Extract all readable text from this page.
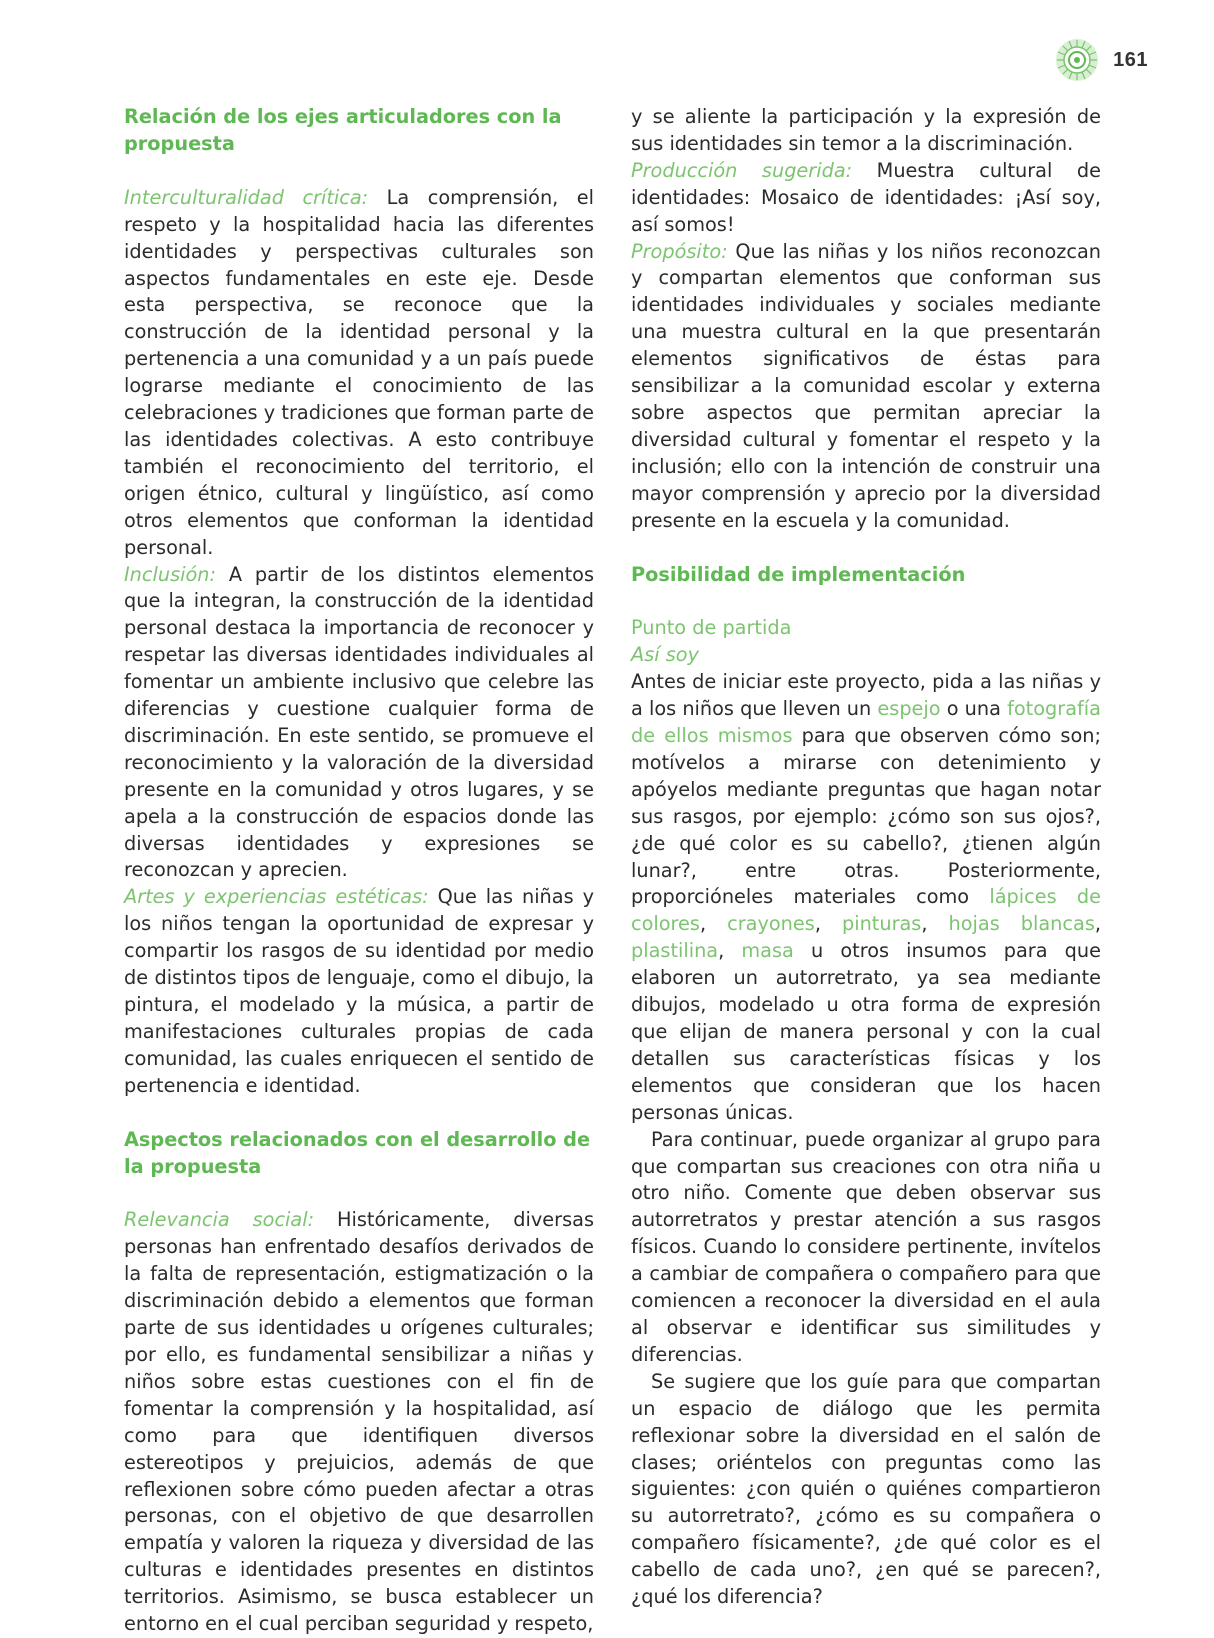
161

Relación de los ejes articuladores con la propuesta

Interculturalidad crítica: La comprensión, el respeto y la hospitalidad hacia las diferentes identidades y perspectivas culturales son aspectos fundamentales en este eje. Desde esta perspectiva, se reconoce que la construcción de la identidad personal y la pertenencia a una comunidad y a un país puede lograrse mediante el conocimiento de las celebraciones y tradiciones que forman parte de las identidades colectivas. A esto contribuye también el reconocimiento del territorio, el origen étnico, cultural y lingüístico, así como otros elementos que conforman la identidad personal.

Inclusión: A partir de los distintos elementos que la integran, la construcción de la identidad personal destaca la importancia de reconocer y respetar las diversas identidades individuales al fomentar un ambiente inclusivo que celebre las diferencias y cuestione cualquier forma de discriminación. En este sentido, se promueve el reconocimiento y la valoración de la diversidad presente en la comunidad y otros lugares, y se apela a la construcción de espacios donde las diversas identidades y expresiones se reconozcan y aprecien.

Artes y experiencias estéticas: Que las niñas y los niños tengan la oportunidad de expresar y compartir los rasgos de su identidad por medio de distintos tipos de lenguaje, como el dibujo, la pintura, el modelado y la música, a partir de manifestaciones culturales propias de cada comunidad, las cuales enriquecen el sentido de pertenencia e identidad.

Aspectos relacionados con el desarrollo de la propuesta

Relevancia social: Históricamente, diversas personas han enfrentado desafíos derivados de la falta de representación, estigmatización o la discriminación debido a elementos que forman parte de sus identidades u orígenes culturales; por ello, es fundamental sensibilizar a niñas y niños sobre estas cuestiones con el fin de fomentar la comprensión y la hospitalidad, así como para que identifiquen diversos estereotipos y prejuicios, además de que reflexionen sobre cómo pueden afectar a otras personas, con el objetivo de que desarrollen empatía y valoren la riqueza y diversidad de las culturas e identidades presentes en distintos territorios. Asimismo, se busca establecer un entorno en el cual perciban seguridad y respeto,

y se aliente la participación y la expresión de sus identidades sin temor a la discriminación.

Producción sugerida: Muestra cultural de identidades: Mosaico de identidades: ¡Así soy, así somos!

Propósito: Que las niñas y los niños reconozcan y compartan elementos que conforman sus identidades individuales y sociales mediante una muestra cultural en la que presentarán elementos significativos de éstas para sensibilizar a la comunidad escolar y externa sobre aspectos que permitan apreciar la diversidad cultural y fomentar el respeto y la inclusión; ello con la intención de construir una mayor comprensión y aprecio por la diversidad presente en la escuela y la comunidad.

Posibilidad de implementación

Punto de partida

Así soy

Antes de iniciar este proyecto, pida a las niñas y a los niños que lleven un espejo o una fotografía de ellos mismos para que observen cómo son; motívelos a mirarse con detenimiento y apóyelos mediante preguntas que hagan notar sus rasgos, por ejemplo: ¿cómo son sus ojos?, ¿de qué color es su cabello?, ¿tienen algún lunar?, entre otras. Posteriormente, proporcióneles materiales como lápices de colores, crayones, pinturas, hojas blancas, plastilina, masa u otros insumos para que elaboren un autorretrato, ya sea mediante dibujos, modelado u otra forma de expresión que elijan de manera personal y con la cual detallen sus características físicas y los elementos que consideran que los hacen personas únicas.

Para continuar, puede organizar al grupo para que compartan sus creaciones con otra niña u otro niño. Comente que deben observar sus autorretratos y prestar atención a sus rasgos físicos. Cuando lo considere pertinente, invítelos a cambiar de compañera o compañero para que comiencen a reconocer la diversidad en el aula al observar e identificar sus similitudes y diferencias.

Se sugiere que los guíe para que compartan un espacio de diálogo que les permita reflexionar sobre la diversidad en el salón de clases; oriéntelos con preguntas como las siguientes: ¿con quién o quiénes compartieron su autorretrato?, ¿cómo es su compañera o compañero físicamente?, ¿de qué color es el cabello de cada uno?, ¿en qué se parecen?, ¿qué los diferencia?
